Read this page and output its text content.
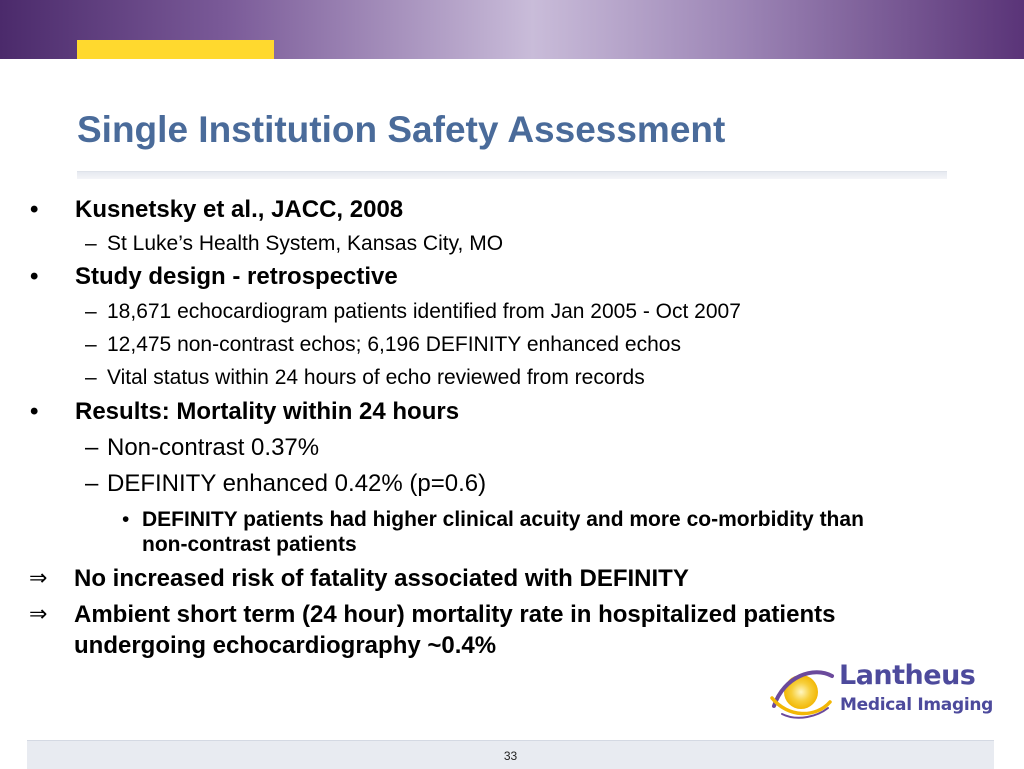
Single Institution Safety Assessment
• Kusnetsky et al., JACC, 2008
– St Luke’s Health System, Kansas City, MO
• Study design - retrospective
– 18,671 echocardiogram patients identified from Jan 2005 - Oct 2007
– 12,475 non-contrast echos; 6,196 DEFINITY enhanced echos
– Vital status within 24 hours of echo reviewed from records
• Results: Mortality within 24 hours
– Non-contrast 0.37%
– DEFINITY enhanced 0.42% (p=0.6)
• DEFINITY patients had higher clinical acuity and more co-morbidity than non-contrast patients
⇒ No increased risk of fatality associated with DEFINITY
⇒ Ambient short term (24 hour) mortality rate in hospitalized patients undergoing echocardiography ~0.4%
Lantheus
Medical Imaging
33
